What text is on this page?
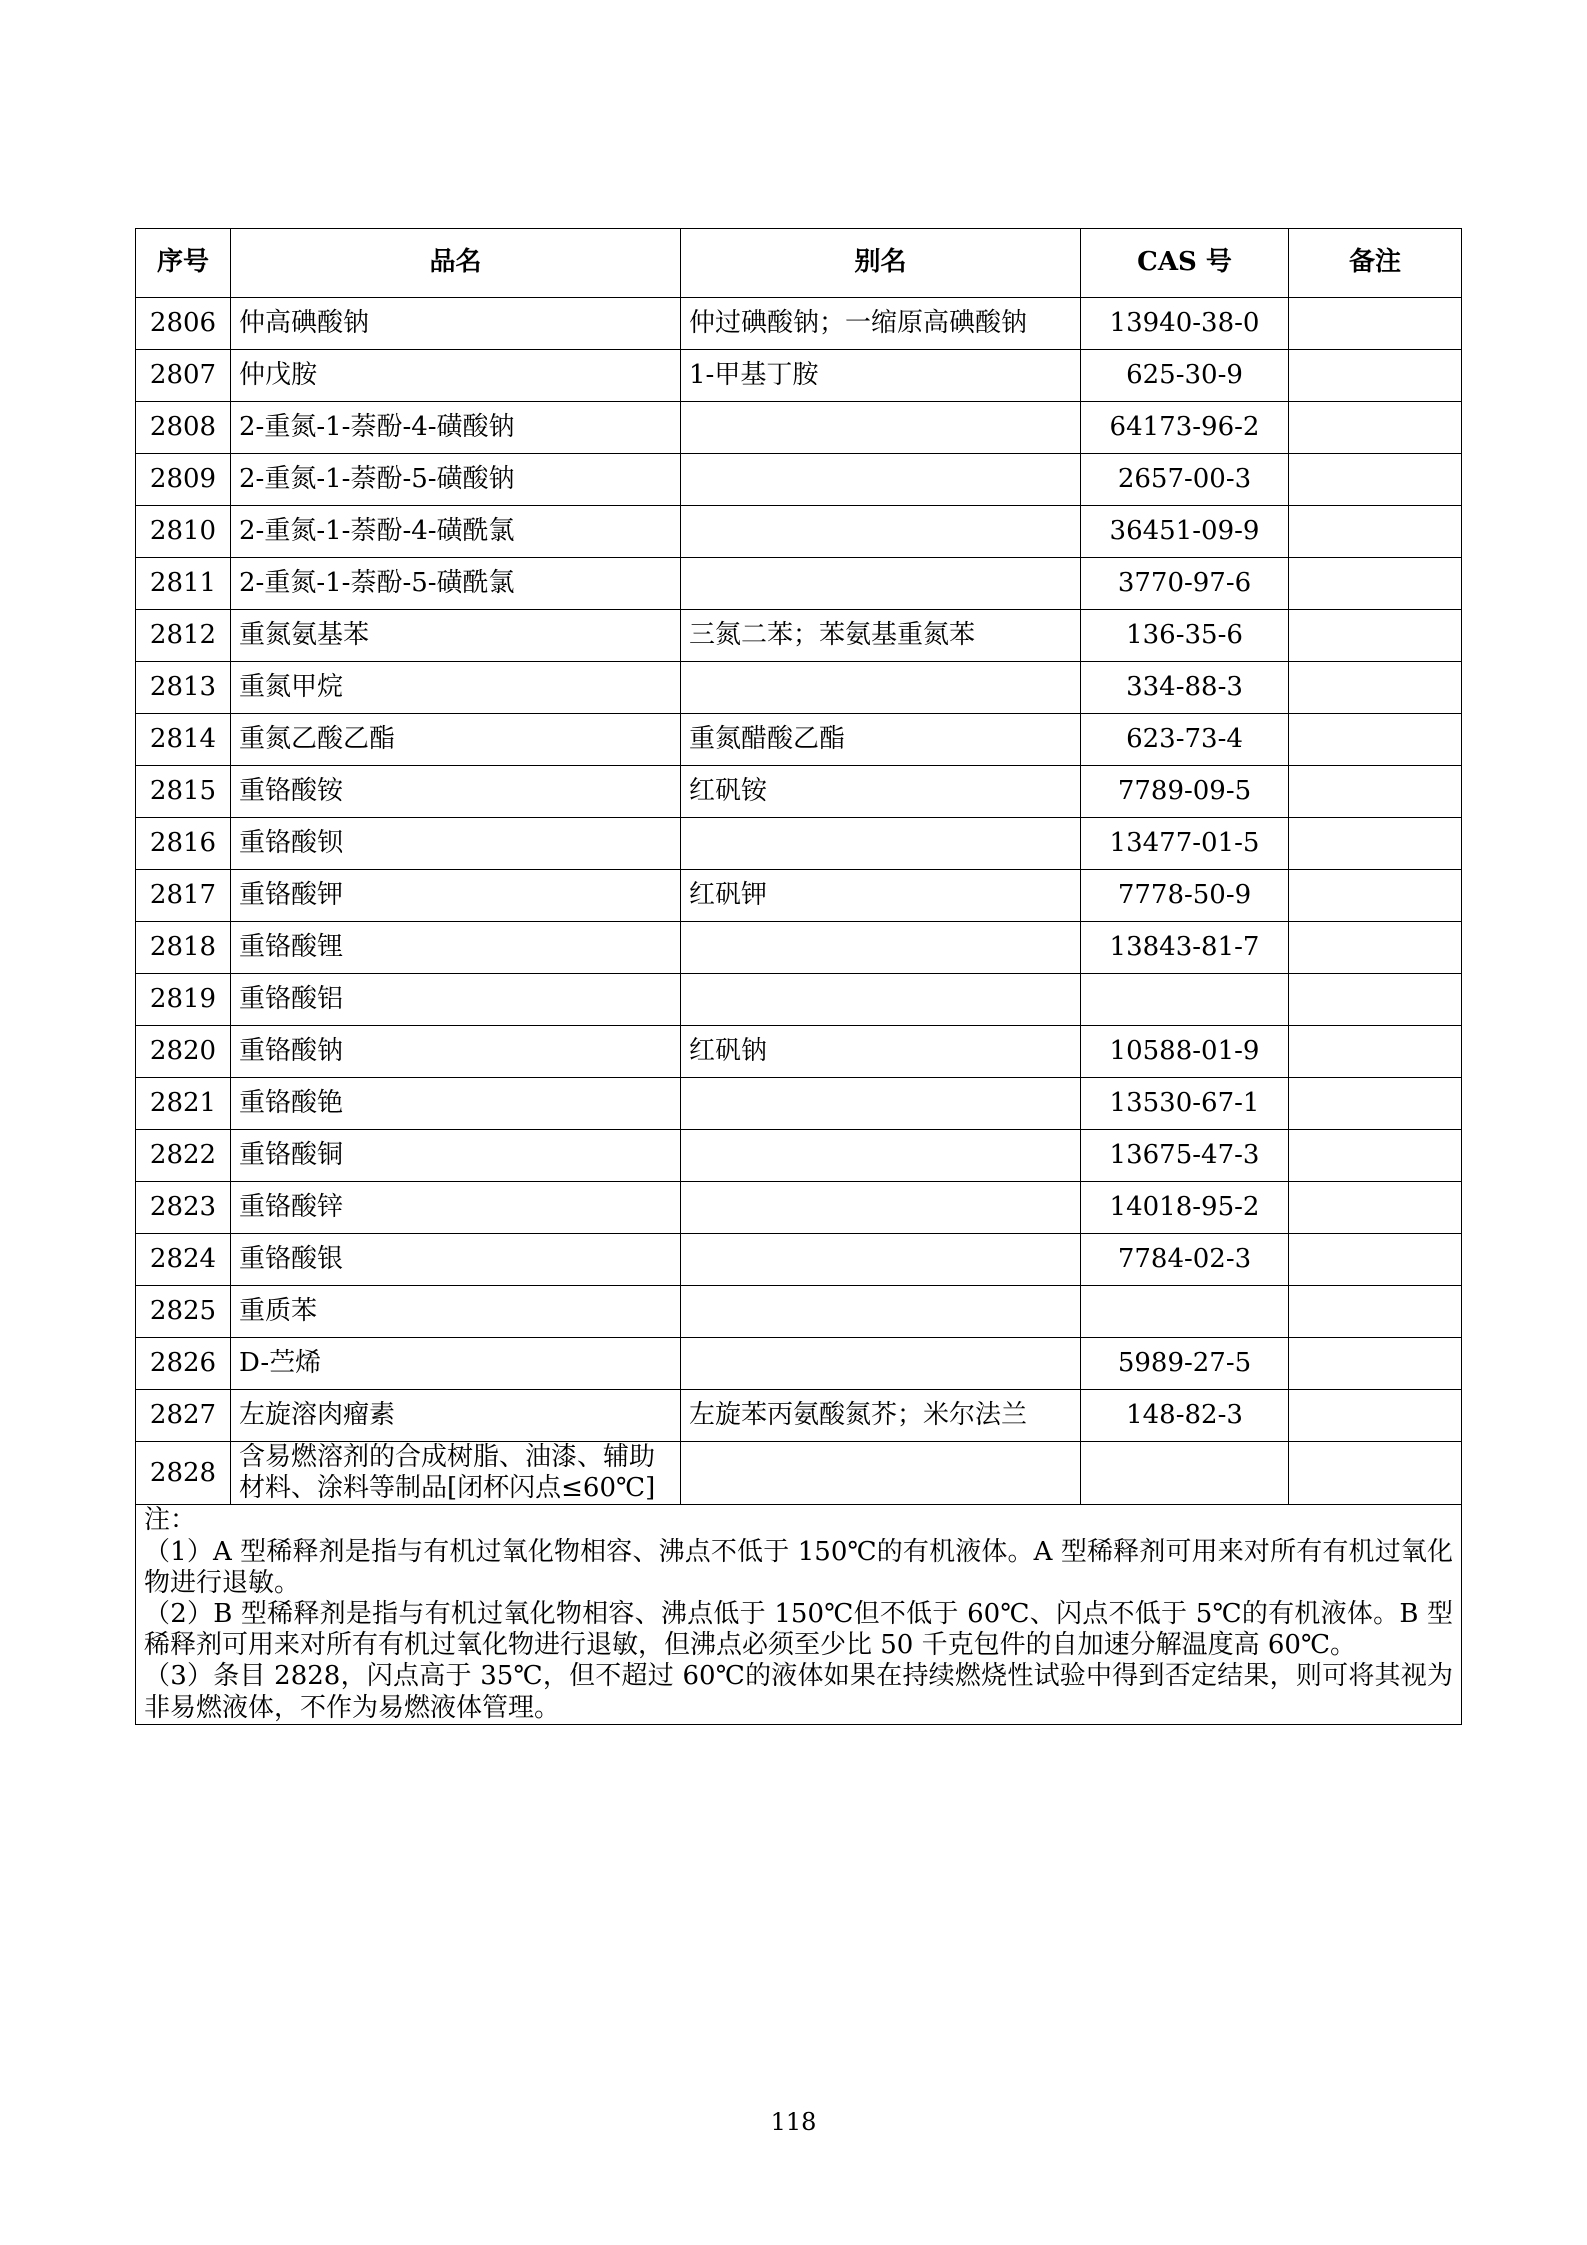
序号	品名	别名	CAS 号	备注
2806	仲高碘酸钠	仲过碘酸钠；一缩原高碘酸钠	13940-38-0	
2807	仲戊胺	1-甲基丁胺	625-30-9	
2808	2-重氮-1-萘酚-4-磺酸钠		64173-96-2	
2809	2-重氮-1-萘酚-5-磺酸钠		2657-00-3	
2810	2-重氮-1-萘酚-4-磺酰氯		36451-09-9	
2811	2-重氮-1-萘酚-5-磺酰氯		3770-97-6	
2812	重氮氨基苯	三氮二苯；苯氨基重氮苯	136-35-6	
2813	重氮甲烷		334-88-3	
2814	重氮乙酸乙酯	重氮醋酸乙酯	623-73-4	
2815	重铬酸铵	红矾铵	7789-09-5	
2816	重铬酸钡		13477-01-5	
2817	重铬酸钾	红矾钾	7778-50-9	
2818	重铬酸锂		13843-81-7	
2819	重铬酸铝			
2820	重铬酸钠	红矾钠	10588-01-9	
2821	重铬酸铯		13530-67-1	
2822	重铬酸铜		13675-47-3	
2823	重铬酸锌		14018-95-2	
2824	重铬酸银		7784-02-3	
2825	重质苯			
2826	D-苎烯		5989-27-5	
2827	左旋溶肉瘤素	左旋苯丙氨酸氮芥；米尔法兰	148-82-3	
2828	含易燃溶剂的合成树脂、油漆、辅助材料、涂料等制品[闭杯闪点≤60℃]			

注：
（1）A 型稀释剂是指与有机过氧化物相容、沸点不低于 150℃的有机液体。A 型稀释剂可用来对所有有机过氧化物进行退敏。
（2）B 型稀释剂是指与有机过氧化物相容、沸点低于 150℃但不低于 60℃、闪点不低于 5℃的有机液体。B 型稀释剂可用来对所有有机过氧化物进行退敏，但沸点必须至少比 50 千克包件的自加速分解温度高 60℃。
（3）条目 2828，闪点高于 35℃，但不超过 60℃的液体如果在持续燃烧性试验中得到否定结果，则可将其视为非易燃液体，不作为易燃液体管理。				
118
